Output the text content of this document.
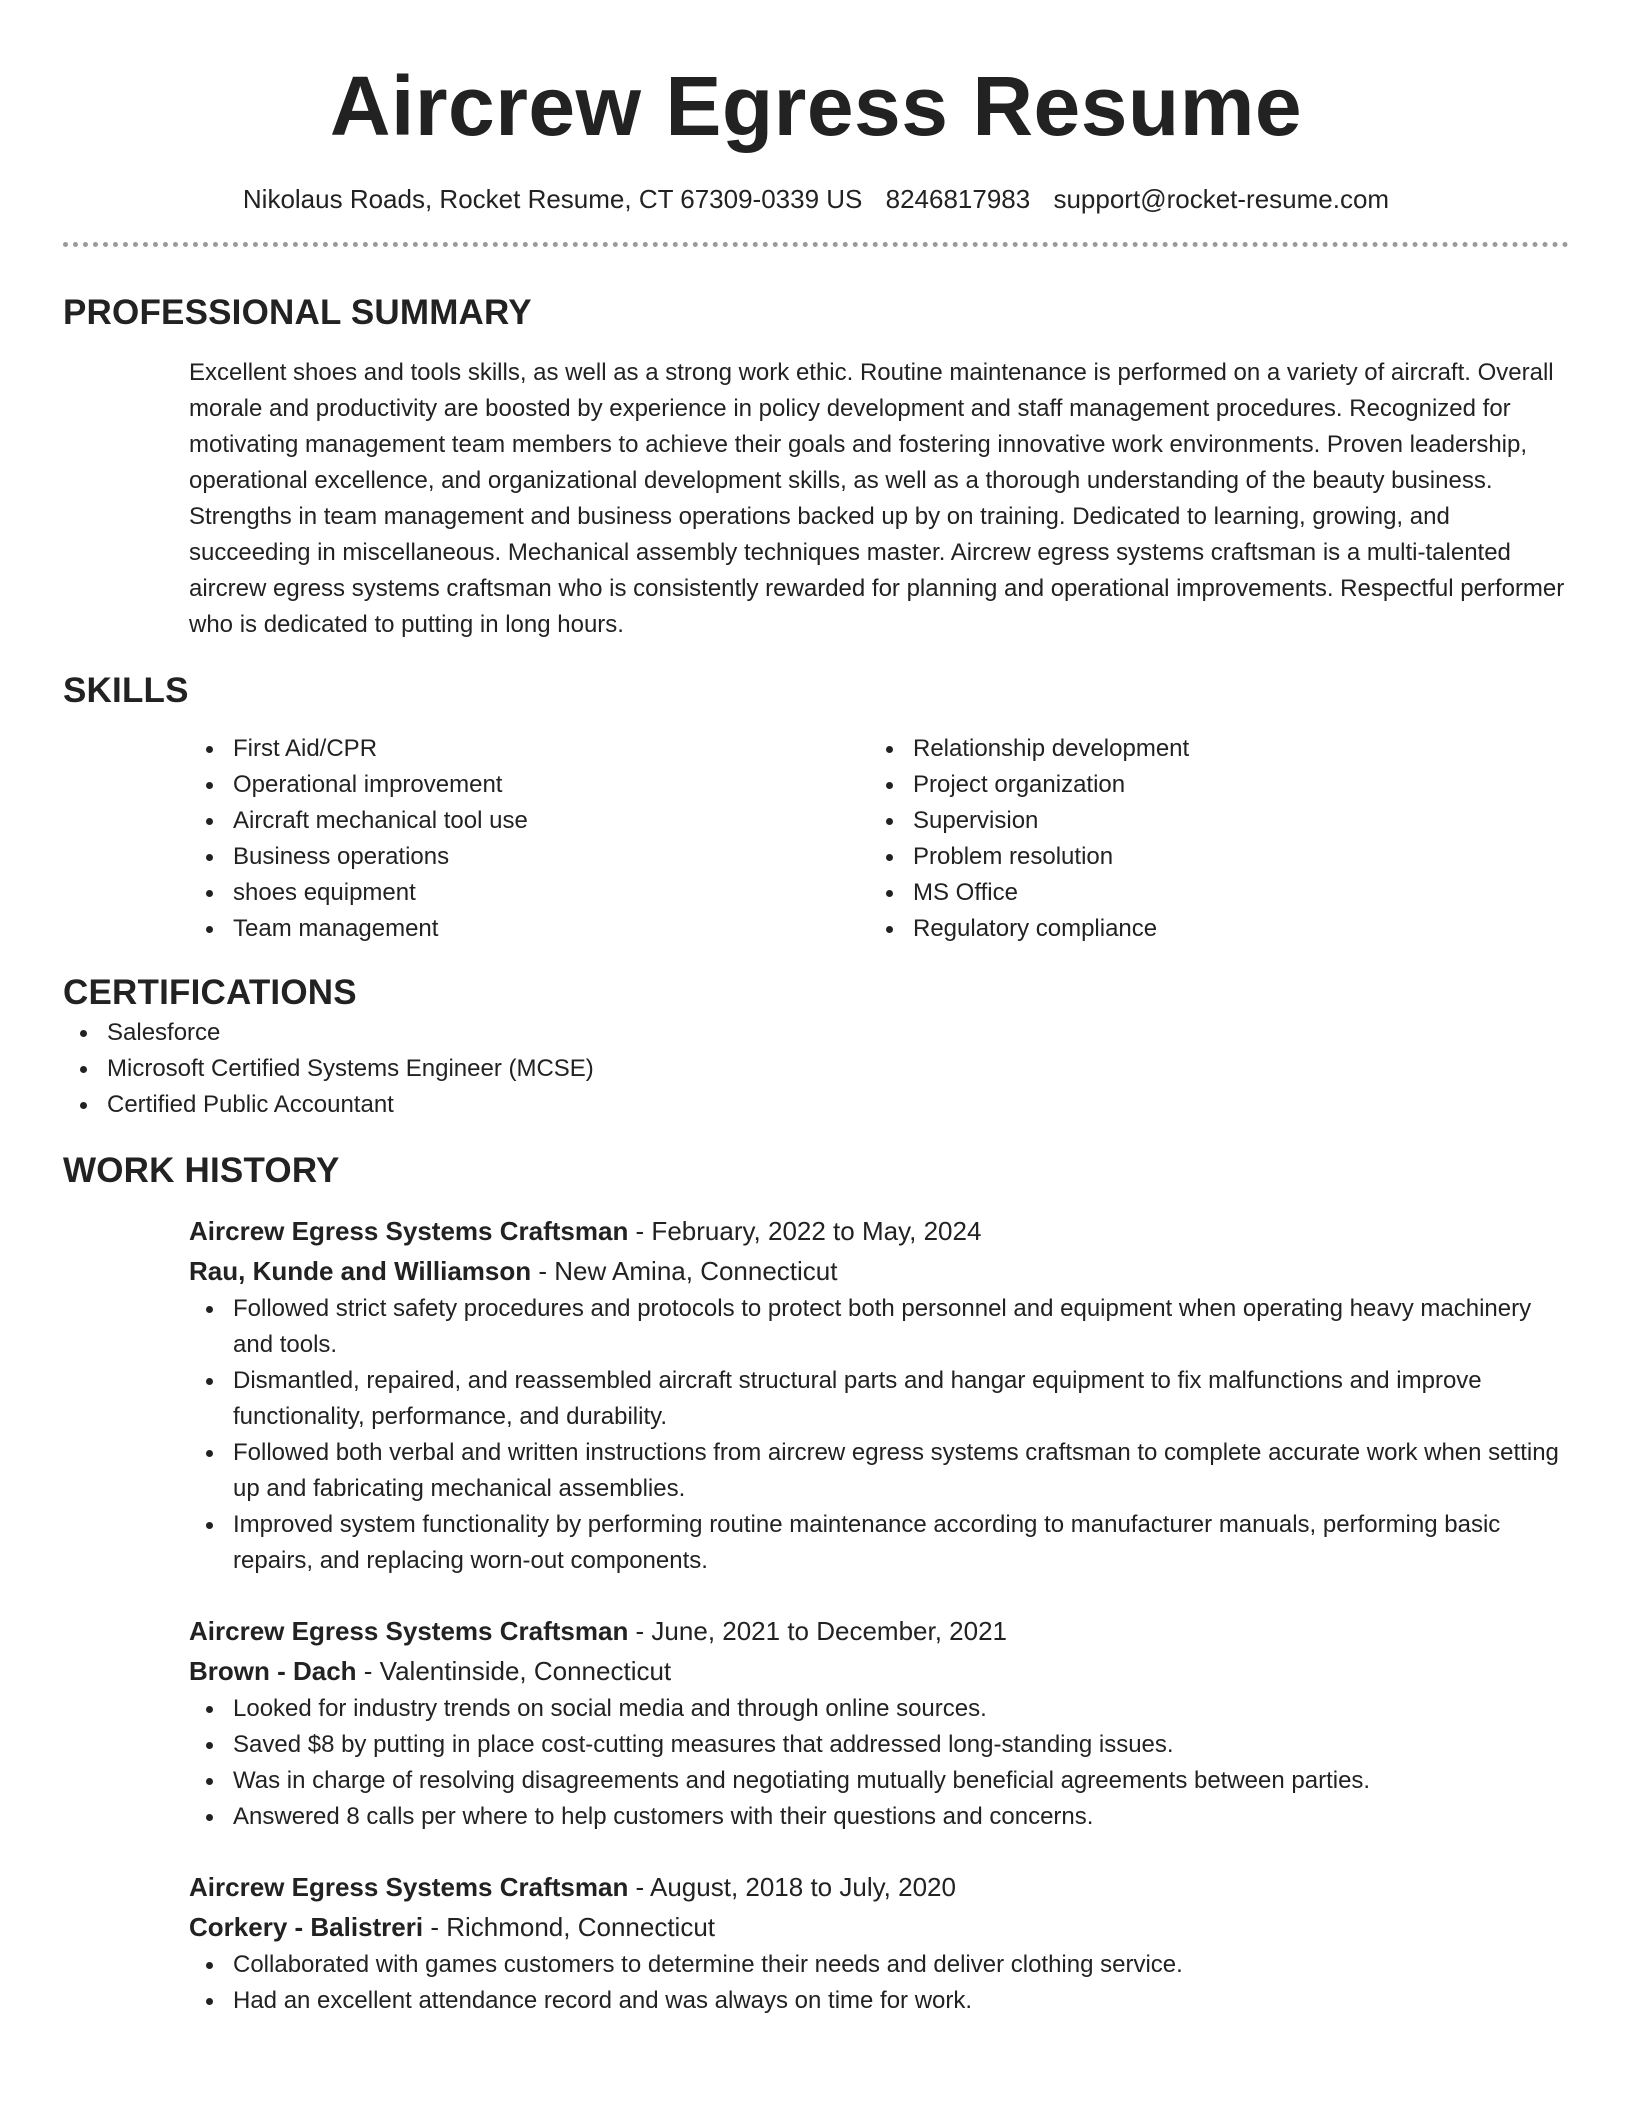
Aircrew Egress Resume
Nikolaus Roads, Rocket Resume, CT 67309-0339 US 8246817983 support@rocket-resume.com
PROFESSIONAL SUMMARY
Excellent shoes and tools skills, as well as a strong work ethic. Routine maintenance is performed on a variety of aircraft. Overall morale and productivity are boosted by experience in policy development and staff management procedures. Recognized for motivating management team members to achieve their goals and fostering innovative work environments. Proven leadership, operational excellence, and organizational development skills, as well as a thorough understanding of the beauty business. Strengths in team management and business operations backed up by on training. Dedicated to learning, growing, and succeeding in miscellaneous. Mechanical assembly techniques master. Aircrew egress systems craftsman is a multi-talented aircrew egress systems craftsman who is consistently rewarded for planning and operational improvements. Respectful performer who is dedicated to putting in long hours.
SKILLS
First Aid/CPR
Operational improvement
Aircraft mechanical tool use
Business operations
shoes equipment
Team management
Relationship development
Project organization
Supervision
Problem resolution
MS Office
Regulatory compliance
CERTIFICATIONS
Salesforce
Microsoft Certified Systems Engineer (MCSE)
Certified Public Accountant
WORK HISTORY
Aircrew Egress Systems Craftsman - February, 2022 to May, 2024
Rau, Kunde and Williamson - New Amina, Connecticut
Followed strict safety procedures and protocols to protect both personnel and equipment when operating heavy machinery and tools.
Dismantled, repaired, and reassembled aircraft structural parts and hangar equipment to fix malfunctions and improve functionality, performance, and durability.
Followed both verbal and written instructions from aircrew egress systems craftsman to complete accurate work when setting up and fabricating mechanical assemblies.
Improved system functionality by performing routine maintenance according to manufacturer manuals, performing basic repairs, and replacing worn-out components.
Aircrew Egress Systems Craftsman - June, 2021 to December, 2021
Brown - Dach - Valentinside, Connecticut
Looked for industry trends on social media and through online sources.
Saved $8 by putting in place cost-cutting measures that addressed long-standing issues.
Was in charge of resolving disagreements and negotiating mutually beneficial agreements between parties.
Answered 8 calls per where to help customers with their questions and concerns.
Aircrew Egress Systems Craftsman - August, 2018 to July, 2020
Corkery - Balistreri - Richmond, Connecticut
Collaborated with games customers to determine their needs and deliver clothing service.
Had an excellent attendance record and was always on time for work.
